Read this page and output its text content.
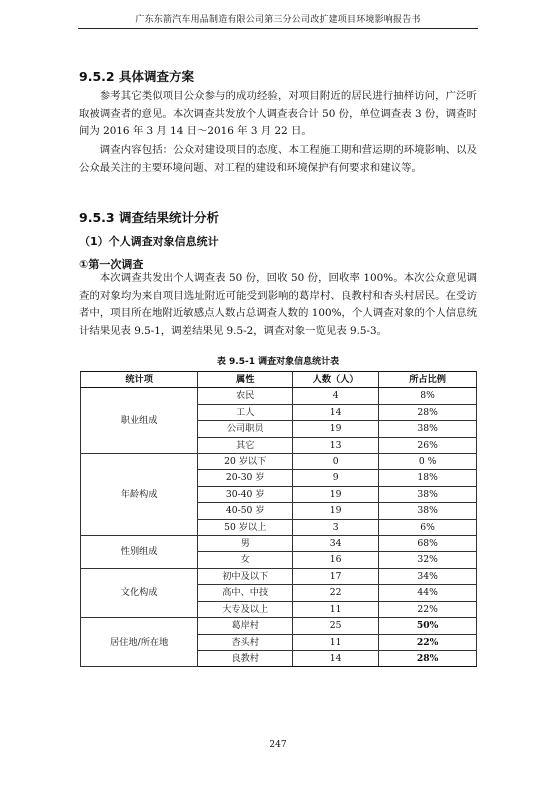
广东东箭汽车用品制造有限公司第三分公司改扩建项目环境影响报告书
9.5.2 具体调查方案
参考其它类似项目公众参与的成功经验，对项目附近的居民进行抽样访问，广泛听取被调查者的意见。本次调查共发放个人调查表合计 50 份，单位调查表 3 份，调查时间为 2016 年 3 月 14 日～2016 年 3 月 22 日。
调查内容包括：公众对建设项目的态度、本工程施工期和营运期的环境影响、以及公众最关注的主要环境问题、对工程的建设和环境保护有何要求和建议等。
9.5.3 调查结果统计分析
（1）个人调查对象信息统计
①第一次调查
本次调查共发出个人调查表 50 份，回收 50 份，回收率 100%。本次公众意见调查的对象均为来自项目选址附近可能受到影响的葛岸村、良教村和杏头村居民。在受访者中，项目所在地附近敏感点人数占总调查人数的 100%，个人调查对象的个人信息统计结果见表 9.5-1，调差结果见 9.5-2，调查对象一览见表 9.5-3。
表 9.5-1 调查对象信息统计表
统计项	属性	人数（人）	所占比例
职业组成	农民	4	8%
	工人	14	28%
	公司职员	19	38%
	其它	13	26%
年龄构成	20 岁以下	0	0 %
	20-30 岁	9	18%
	30-40 岁	19	38%
	40-50 岁	19	38%
	50 岁以上	3	6%
性别组成	男	34	68%
	女	16	32%
文化构成	初中及以下	17	34%
	高中、中技	22	44%
	大专及以上	11	22%
居住地/所在地	葛岸村	25	50%
	杏头村	11	22%
	良教村	14	28%
247
